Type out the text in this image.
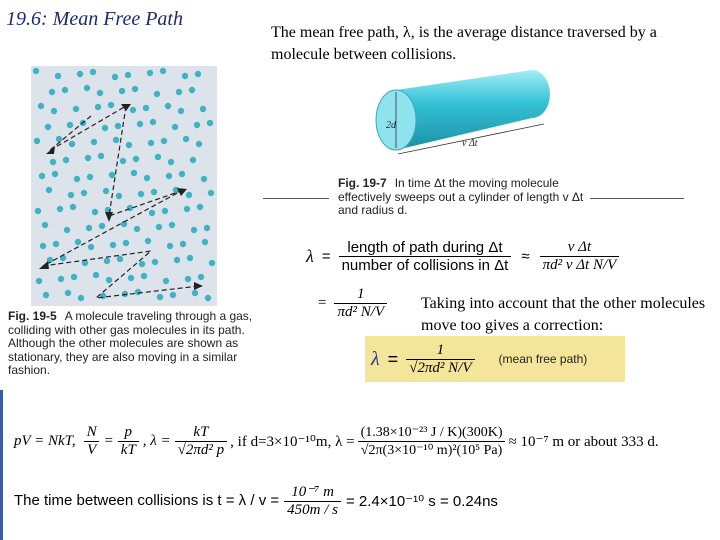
19.6: Mean Free Path
The mean free path, λ, is the average distance traversed by a molecule between collisions.
Fig. 19-5 A molecule traveling through a gas, colliding with other gas molecules in its path. Although the other molecules are shown as stationary, they are also moving in a similar fashion.
2d
v Δt
Fig. 19-7 In time Δt the moving molecule effectively sweeps out a cylinder of length v Δt and radius d.
$\lambda = \frac{\text{length of path during Δt}}{\text{number of collisions in Δt}} \approx \frac{\text{v Δt}}{\text{πd² v Δt N/V}}$
= $\frac{1}{\text{πd² N/V}}$ Taking into account that the other molecules move too gives a correction:
$\lambda = \frac{1}{\text{√2πd² N/V}}$ (mean free path)
pV = NkT, $\frac{N}{V} = \frac{p}{kT}$ , $\lambda = \frac{kT}{\text{√2πd² p}}$ , if d=3×10⁻¹⁰m, $\lambda = \frac{\text{(1.38×10⁻²³ J / K)(300K)}}{\text{√2π(3×10⁻¹⁰ m)²(10⁵ Pa)}} \approx 10^{-7}$ m or about 333 d.
The time between collisions is $t = \lambda / v = \frac{\text{10⁻⁷ m}}{450m / s} = 2.4\times 10^{-10}$ s = 0.24ns
